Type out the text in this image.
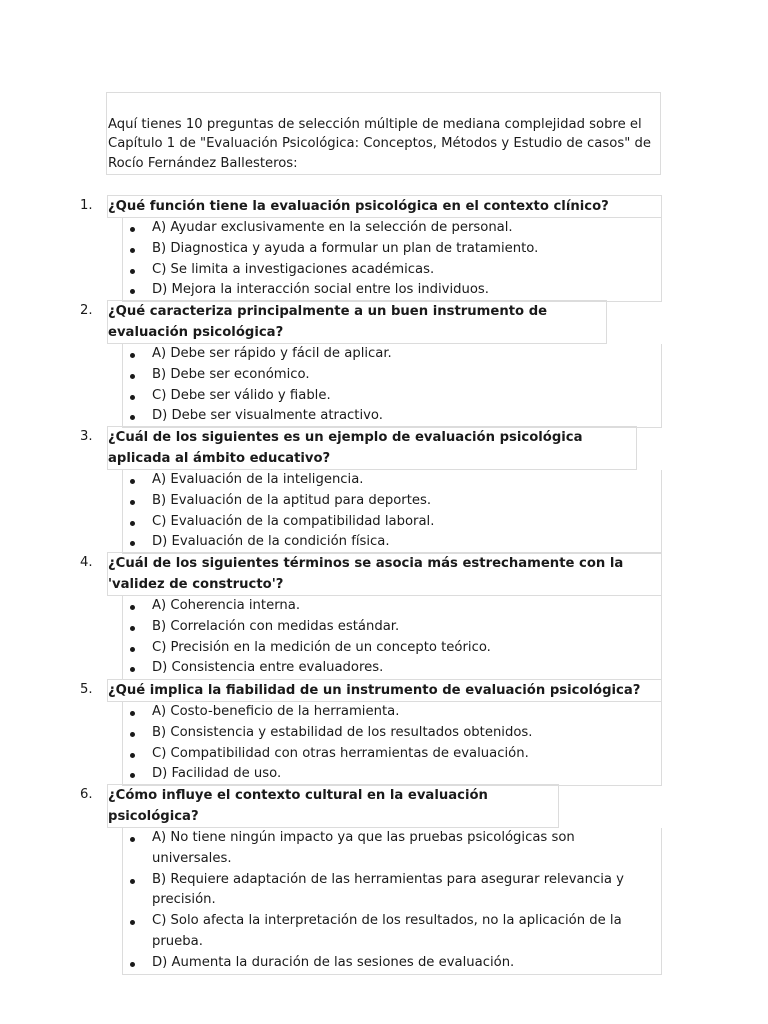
Aquí tienes 10 preguntas de selección múltiple de mediana complejidad sobre el Capítulo 1 de "Evaluación Psicológica: Conceptos, Métodos y Estudio de casos" de Rocío Fernández Ballesteros:
1.	¿Qué función tiene la evaluación psicológica en el contexto clínico?
A) Ayudar exclusivamente en la selección de personal.
B) Diagnostica y ayuda a formular un plan de tratamiento.
C) Se limita a investigaciones académicas.
D) Mejora la interacción social entre los individuos.
2.	¿Qué caracteriza principalmente a un buen instrumento de evaluación psicológica?
A) Debe ser rápido y fácil de aplicar.
B) Debe ser económico.
C) Debe ser válido y fiable.
D) Debe ser visualmente atractivo.
3.	¿Cuál de los siguientes es un ejemplo de evaluación psicológica aplicada al ámbito educativo?
A) Evaluación de la inteligencia.
B) Evaluación de la aptitud para deportes.
C) Evaluación de la compatibilidad laboral.
D) Evaluación de la condición física.
4.	¿Cuál de los siguientes términos se asocia más estrechamente con la 'validez de constructo'?
A) Coherencia interna.
B) Correlación con medidas estándar.
C) Precisión en la medición de un concepto teórico.
D) Consistencia entre evaluadores.
5.	¿Qué implica la fiabilidad de un instrumento de evaluación psicológica?
A) Costo-beneficio de la herramienta.
B) Consistencia y estabilidad de los resultados obtenidos.
C) Compatibilidad con otras herramientas de evaluación.
D) Facilidad de uso.
6.	¿Cómo influye el contexto cultural en la evaluación psicológica?
A) No tiene ningún impacto ya que las pruebas psicológicas son universales.
B) Requiere adaptación de las herramientas para asegurar relevancia y precisión.
C) Solo afecta la interpretación de los resultados, no la aplicación de la prueba.
D) Aumenta la duración de las sesiones de evaluación.
